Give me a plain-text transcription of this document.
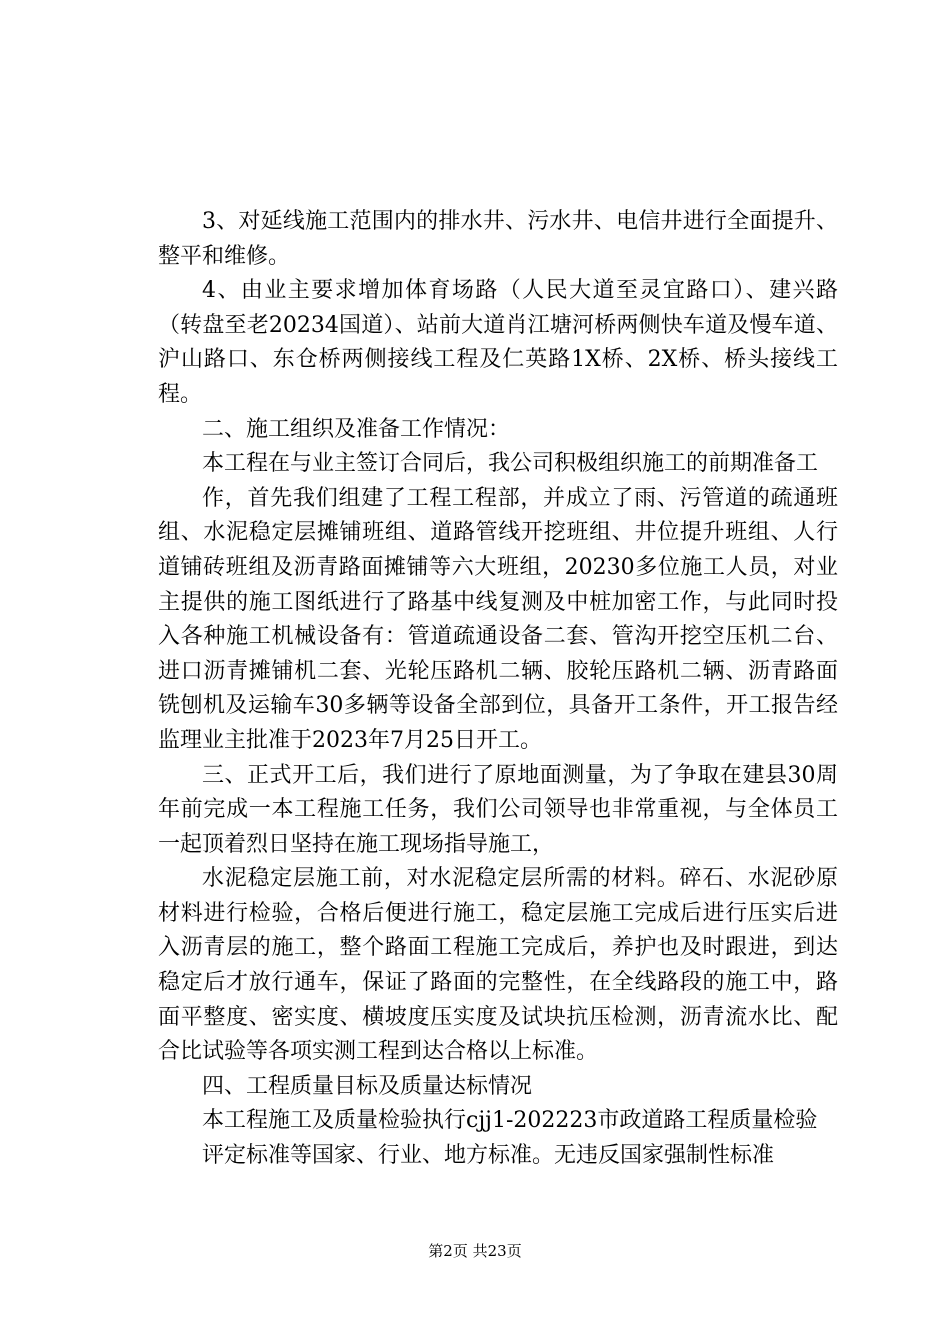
3、对延线施工范围内的排水井、污水井、电信井进行全面提升、整平和维修。

4、由业主要求增加体育场路（人民大道至灵宜路口）、建兴路（转盘至老20234国道）、站前大道肖江塘河桥两侧快车道及慢车道、沪山路口、东仓桥两侧接线工程及仁英路1X桥、2X桥、桥头接线工程。

二、施工组织及准备工作情况：

本工程在与业主签订合同后，我公司积极组织施工的前期准备工

作，首先我们组建了工程工程部，并成立了雨、污管道的疏通班组、水泥稳定层摊铺班组、道路管线开挖班组、井位提升班组、人行道铺砖班组及沥青路面摊铺等六大班组，20230多位施工人员，对业主提供的施工图纸进行了路基中线复测及中桩加密工作，与此同时投入各种施工机械设备有：管道疏通设备二套、管沟开挖空压机二台、进口沥青摊铺机二套、光轮压路机二辆、胶轮压路机二辆、沥青路面铣刨机及运输车30多辆等设备全部到位，具备开工条件，开工报告经监理业主批准于2023年7月25日开工。

三、正式开工后，我们进行了原地面测量，为了争取在建县30周年前完成一本工程施工任务，我们公司领导也非常重视，与全体员工一起顶着烈日坚持在施工现场指导施工，

水泥稳定层施工前，对水泥稳定层所需的材料。碎石、水泥砂原材料进行检验，合格后便进行施工，稳定层施工完成后进行压实后进入沥青层的施工，整个路面工程施工完成后，养护也及时跟进，到达稳定后才放行通车，保证了路面的完整性，在全线路段的施工中，路面平整度、密实度、横坡度压实度及试块抗压检测，沥青流水比、配合比试验等各项实测工程到达合格以上标准。

四、工程质量目标及质量达标情况

本工程施工及质量检验执行cjj1-202223市政道路工程质量检验

评定标准等国家、行业、地方标准。无违反国家强制性标准

第2页 共23页
